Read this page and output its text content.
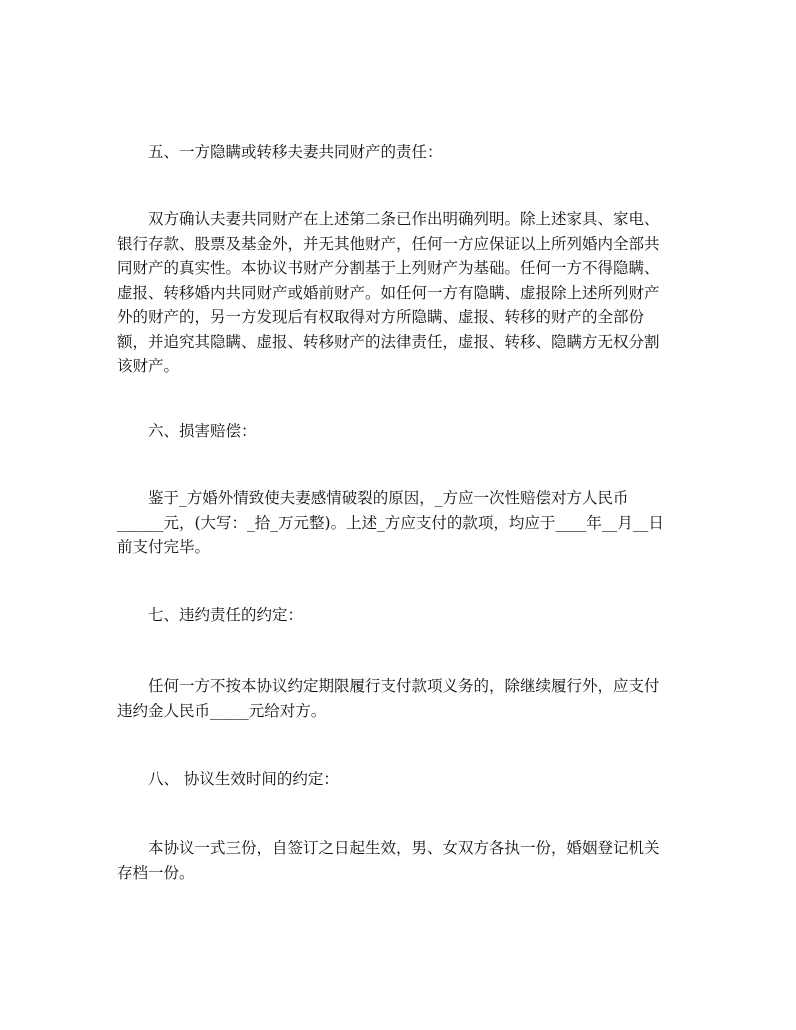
五、一方隐瞒或转移夫妻共同财产的责任：
双方确认夫妻共同财产在上述第二条已作出明确列明。除上述家具、家电、
银行存款、股票及基金外，并无其他财产，任何一方应保证以上所列婚内全部共
同财产的真实性。本协议书财产分割基于上列财产为基础。任何一方不得隐瞒、
虚报、转移婚内共同财产或婚前财产。如任何一方有隐瞒、虚报除上述所列财产
外的财产的，另一方发现后有权取得对方所隐瞒、虚报、转移的财产的全部份
额，并追究其隐瞒、虚报、转移财产的法律责任，虚报、转移、隐瞒方无权分割
该财产。
六、损害赔偿：
鉴于_方婚外情致使夫妻感情破裂的原因，_方应一次性赔偿对方人民币
______元，(大写：_拾_万元整)。上述_方应支付的款项，均应于____年__月__日
前支付完毕。
七、违约责任的约定：
任何一方不按本协议约定期限履行支付款项义务的，除继续履行外，应支付
违约金人民币_____元给对方。
八、 协议生效时间的约定：
本协议一式三份，自签订之日起生效，男、女双方各执一份，婚姻登记机关
存档一份。
